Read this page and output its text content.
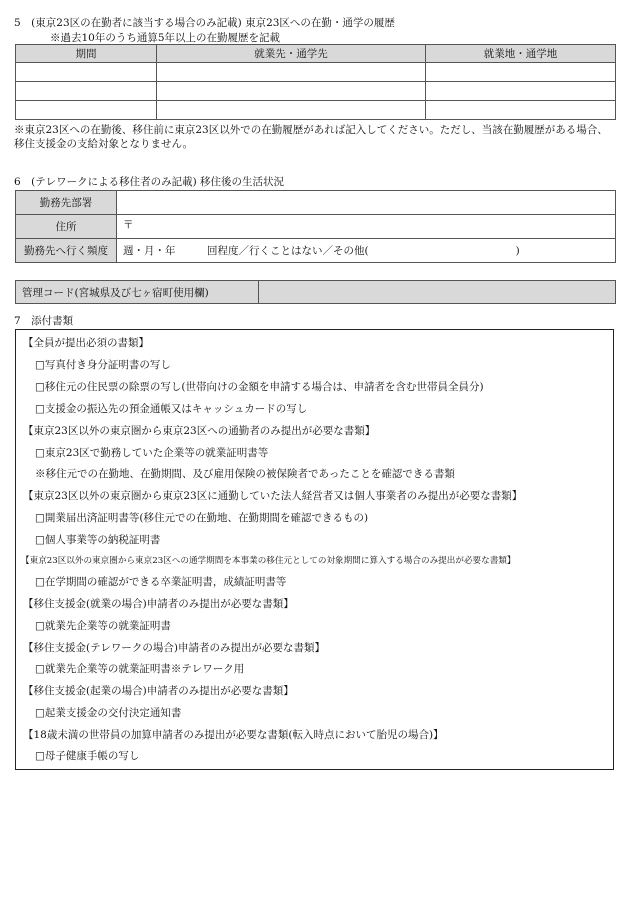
5　(東京23区の在勤者に該当する場合のみ記載) 東京23区への在勤・通学の履歴
※過去10年のうち通算5年以上の在勤履歴を記載
期間	就業先・通学先	就業地・通学地

※東京23区への在勤後、移住前に東京23区以外での在勤履歴があれば記入してください。ただし、当該在勤履歴がある場合、移住支援金の支給対象となりません。
6　(テレワークによる移住者のみ記載) 移住後の生活状況
勤務先部署	
住所	〒
勤務先へ行く頻度	週・月・年　　　回程度／行くことはない／その他(　　　　　　　　　　　　　　)
管理コード(宮城県及び七ヶ宿町使用欄)	
7　添付書類
【全員が提出必須の書類】
□写真付き身分証明書の写し
□移住元の住民票の除票の写し(世帯向けの金額を申請する場合は、申請者を含む世帯員全員分)
□支援金の振込先の預金通帳又はキャッシュカードの写し
【東京23区以外の東京圏から東京23区への通勤者のみ提出が必要な書類】
□東京23区で勤務していた企業等の就業証明書等
※移住元での在勤地、在勤期間、及び雇用保険の被保険者であったことを確認できる書類
【東京23区以外の東京圏から東京23区に通勤していた法人経営者又は個人事業者のみ提出が必要な書類】
□開業届出済証明書等(移住元での在勤地、在勤期間を確認できるもの)
□個人事業等の納税証明書
【東京23区以外の東京圏から東京23区への通学期間を本事業の移住元としての対象期間に算入する場合のみ提出が必要な書類】
□在学期間の確認ができる卒業証明書，成績証明書等
【移住支援金(就業の場合)申請者のみ提出が必要な書類】
□就業先企業等の就業証明書
【移住支援金(テレワークの場合)申請者のみ提出が必要な書類】
□就業先企業等の就業証明書※テレワーク用
【移住支援金(起業の場合)申請者のみ提出が必要な書類】
□起業支援金の交付決定通知書
【18歳未満の世帯員の加算申請者のみ提出が必要な書類(転入時点において胎児の場合)】
□母子健康手帳の写し
